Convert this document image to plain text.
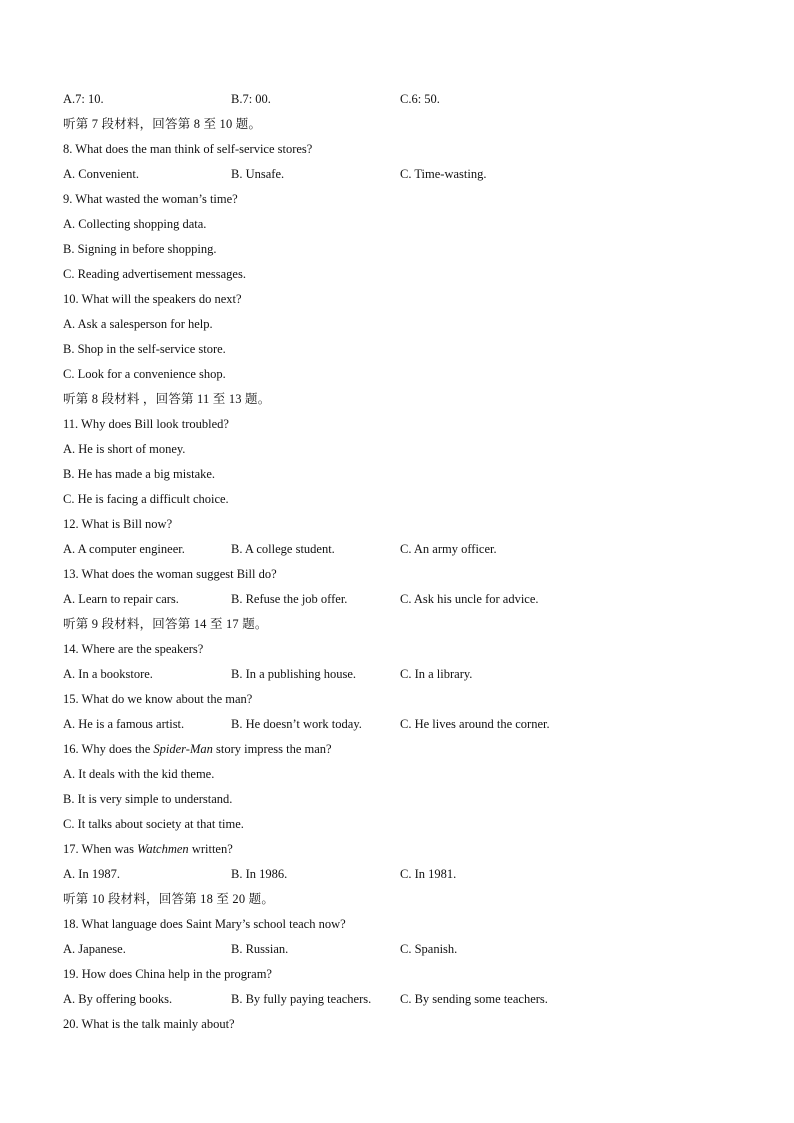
A.7: 10.	B.7: 00.	C.6: 50.
听第 7 段材料，回答第 8 至 10 题。
8. What does the man think of self-service stores?
A. Convenient.	B. Unsafe.	C. Time-wasting.
9. What wasted the woman’s time?
A. Collecting shopping data.
B. Signing in before shopping.
C. Reading advertisement messages.
10. What will the speakers do next?
A. Ask a salesperson for help.
B. Shop in the self-service store.
C. Look for a convenience shop.
听第 8 段材料 ，回答第 11 至 13 题。
11. Why does Bill look troubled?
A. He is short of money.
B. He has made a big mistake.
C. He is facing a difficult choice.
12. What is Bill now?
A. A computer engineer.	B. A college student.	C. An army officer.
13. What does the woman suggest Bill do?
A. Learn to repair cars.	B. Refuse the job offer.	C. Ask his uncle for advice.
听第 9 段材料，回答第 14 至 17 题。
14. Where are the speakers?
A. In a bookstore.	B. In a publishing house.	C. In a library.
15. What do we know about the man?
A. He is a famous artist.	B. He doesn’t work today.	C. He lives around the corner.
16. Why does the Spider-Man story impress the man?
A. It deals with the kid theme.
B. It is very simple to understand.
C. It talks about society at that time.
17. When was Watchmen written?
A. In 1987.	B. In 1986.	C. In 1981.
听第 10 段材料，回答第 18 至 20 题。
18. What language does Saint Mary’s school teach now?
A. Japanese.	B. Russian.	C. Spanish.
19. How does China help in the program?
A. By offering books.	B. By fully paying teachers. C. By sending some teachers.
20. What is the talk mainly about?
